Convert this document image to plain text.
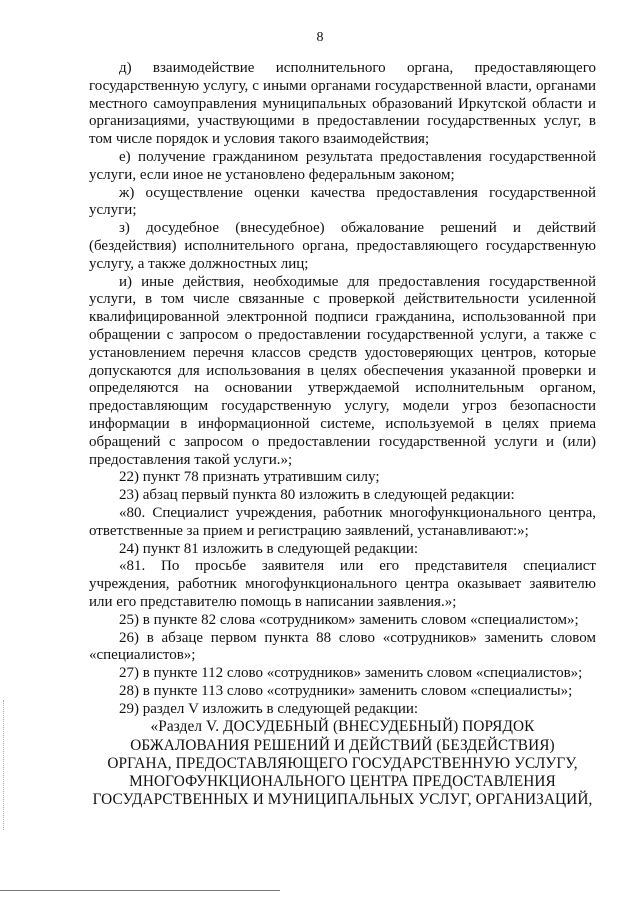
8

д) взаимодействие исполнительного органа, предоставляющего государственную услугу, с иными органами государственной власти, органами местного самоуправления муниципальных образований Иркутской области и организациями, участвующими в предоставлении государственных услуг, в том числе порядок и условия такого взаимодействия;

е) получение гражданином результата предоставления государственной услуги, если иное не установлено федеральным законом;

ж) осуществление оценки качества предоставления государственной услуги;

з) досудебное (внесудебное) обжалование решений и действий (бездействия) исполнительного органа, предоставляющего государственную услугу, а также должностных лиц;

и) иные действия, необходимые для предоставления государственной услуги, в том числе связанные с проверкой действительности усиленной квалифицированной электронной подписи гражданина, использованной при обращении с запросом о предоставлении государственной услуги, а также с установлением перечня классов средств удостоверяющих центров, которые допускаются для использования в целях обеспечения указанной проверки и определяются на основании утверждаемой исполнительным органом, предоставляющим государственную услугу, модели угроз безопасности информации в информационной системе, используемой в целях приема обращений с запросом о предоставлении государственной услуги и (или) предоставления такой услуги.»;

22) пункт 78 признать утратившим силу;

23) абзац первый пункта 80 изложить в следующей редакции:

«80. Специалист учреждения, работник многофункционального центра, ответственные за прием и регистрацию заявлений, устанавливают:»;

24) пункт 81 изложить в следующей редакции:

«81. По просьбе заявителя или его представителя специалист учреждения, работник многофункционального центра оказывает заявителю или его представителю помощь в написании заявления.»;

25) в пункте 82 слова «сотрудником» заменить словом «специалистом»;

26) в абзаце первом пункта 88 слово «сотрудников» заменить словом «специалистов»;

27) в пункте 112 слово «сотрудников» заменить словом «специалистов»;

28) в пункте 113 слово «сотрудники» заменить словом «специалисты»;

29) раздел V изложить в следующей редакции:

«Раздел V. ДОСУДЕБНЫЙ (ВНЕСУДЕБНЫЙ) ПОРЯДОК

ОБЖАЛОВАНИЯ РЕШЕНИЙ И ДЕЙСТВИЙ (БЕЗДЕЙСТВИЯ)

ОРГАНА, ПРЕДОСТАВЛЯЮЩЕГО ГОСУДАРСТВЕННУЮ УСЛУГУ,

МНОГОФУНКЦИОНАЛЬНОГО ЦЕНТРА ПРЕДОСТАВЛЕНИЯ

ГОСУДАРСТВЕННЫХ И МУНИЦИПАЛЬНЫХ УСЛУГ, ОРГАНИЗАЦИЙ,
